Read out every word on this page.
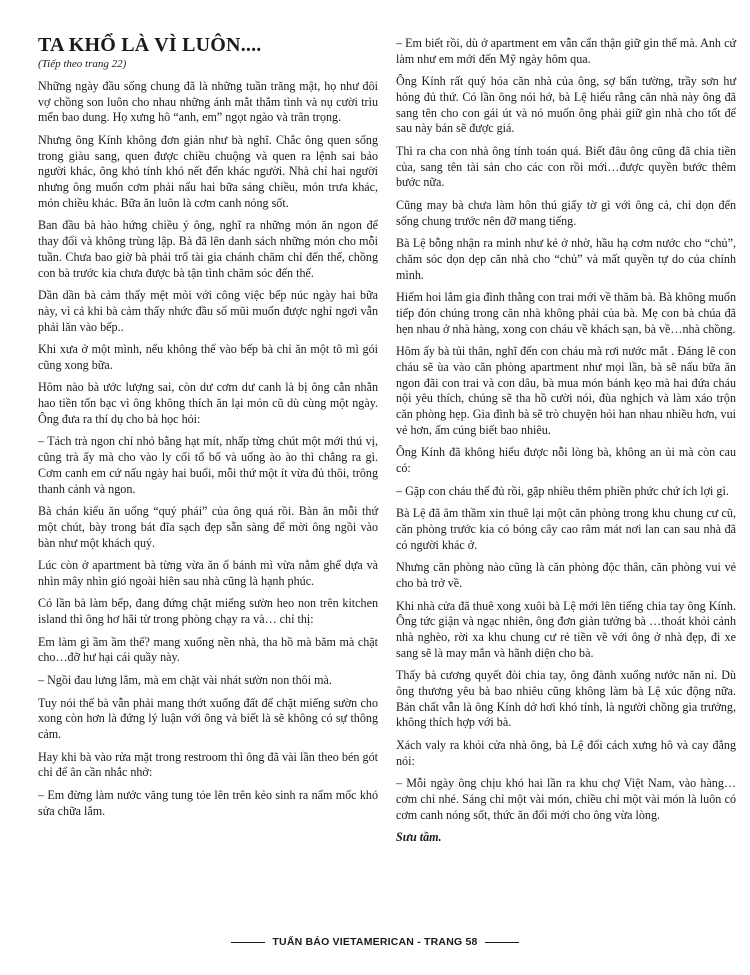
TA KHỔ LÀ VÌ LUÔN....
(Tiếp theo trang 22)

Những ngày đầu sống chung đã là những tuần trăng mật, họ như đôi vợ chồng son luôn cho nhau những ánh mắt thắm tình và nụ cười trìu mến bao dung. Họ xưng hô “anh, em” ngọt ngào và trân trọng.

Nhưng ông Kính không đơn giản như bà nghĩ. Chắc ông quen sống trong giàu sang, quen được chiều chuộng và quen ra lệnh sai bảo người khác, ông khó tính khó nết đến khác người. Nhà chỉ hai người nhưng ông muốn cơm phải nấu hai bữa sáng chiều, món trưa khác, món chiều khác. Bữa ăn luôn là cơm canh nóng sốt.

Ban đầu bà hào hứng chiều ý ông, nghĩ ra những món ăn ngon để thay đổi và không trùng lập. Bà đã lên danh sách những món cho mỗi tuần. Chưa bao giờ bà phải trổ tài gia chánh chăm chỉ đến thế, chồng con bà trước kia chưa được bà tận tình chăm sóc đến thế.

Dần dần bà cảm thấy mệt mỏi với công việc bếp núc ngày hai bữa này, vì cả khi bà cảm thấy nhức đầu sổ mũi muốn được nghỉ ngơi vẫn phải lăn vào bếp..

Khi xưa ở một mình, nếu không thể vào bếp bà chỉ ăn một tô mì gói cũng xong bữa.

Hôm nào bà ước lượng sai, còn dư cơm dư canh là bị ông cằn nhằn hao tiền tốn bạc vì ông không thích ăn lại món cũ dù cùng một ngày. Ông đưa ra thí dụ cho bà học hỏi:

– Tách trà ngon chỉ nhỏ bằng hạt mít, nhấp từng chút một mới thú vị, cũng trà ấy mà cho vào ly cối tổ bố và uống ào ào thì chẳng ra gì. Cơm canh em cứ nấu ngày hai buổi, mỗi thứ một ít vừa đủ thôi, trông thanh cảnh và ngon.

Bà chán kiểu ăn uống “quý phái” của ông quá rồi. Bàn ăn mỗi thứ một chút, bày trong bát đĩa sạch đẹp sẵn sàng để mời ông ngồi vào bàn như một khách quý.

Lúc còn ở apartment bà từng vừa ăn ổ bánh mì vừa nằm ghế dựa và nhìn mây nhìn gió ngoài hiên sau nhà cũng là hạnh phúc.

Có lần bà làm bếp, đang đứng chặt miếng sườn heo non trên kitchen island thì ông hơ hãi từ trong phòng chạy ra và… chỉ thị:

Em làm gì ầm ầm thế? mang xuống nền nhà, tha hồ mà băm mà chặt cho…đỡ hư hại cái quầy này.

– Ngồi đau lưng lắm, mà em chặt vài nhát sườn non thôi mà.

Tuy nói thế bà vẫn phải mang thớt xuống đất để chặt miếng sườn cho xong còn hơn là đứng lý luận với ông và biết là sẽ không có sự thông cảm.

Hay khi bà vào rửa mặt trong restroom thì ông đã vài lần theo bén gót chỉ để ân cần nhắc nhở:

– Em đừng làm nước văng tung tóe lên trên kẻo sinh ra nấm mốc khó sửa chữa lắm.

– Em biết rồi, dù ở apartment em vẫn cẩn thận giữ gìn thế mà. Anh cứ làm như em mới đến Mỹ ngày hôm qua.

Ông Kính rất quý hóa căn nhà của ông, sợ bẩn tường, trầy sơn hư hỏng đủ thứ. Có lần ông nói hớ, bà Lệ hiểu rằng căn nhà này ông đã sang tên cho con gái út và nó muốn ông phải giữ gìn nhà cho tốt để sau này bán sẽ được giá.

Thì ra cha con nhà ông tính toán quá. Biết đâu ông cũng đã chia tiền của, sang tên tài sản cho các con rồi mới…được quyền bước thêm bước nữa.

Cũng may bà chưa làm hôn thú giấy tờ gì với ông cả, chỉ dọn đến sống chung trước nên đỡ mang tiếng.

Bà Lệ bỗng nhận ra mình như kẻ ở nhờ, hầu hạ cơm nước cho “chủ”, chăm sóc dọn dẹp căn nhà cho “chủ” và mất quyền tự do của chính mình.

Hiếm hoi lắm gia đình thằng con trai mới về thăm bà. Bà không muốn tiếp đón chúng trong căn nhà không phải của bà. Mẹ con bà chúa đã hẹn nhau ở nhà hàng, xong con cháu về khách sạn, bà về…nhà chồng.

Hôm ấy bà tủi thân, nghĩ đến con cháu mà rơi nước mắt . Đáng lẽ con cháu sẽ ùa vào căn phòng apartment như mọi lần, bà sẽ nấu bữa ăn ngon đãi con trai và con dâu, bà mua món bánh kẹo mà hai đứa cháu nội yêu thích, chúng sẽ tha hồ cười nói, đùa nghịch và làm xáo trộn căn phòng hẹp. Gia đình bà sẽ trò chuyện hỏi han nhau nhiều hơn, vui vẻ hơn, ấm cúng biết bao nhiêu.

Ông Kính đã không hiểu được nỗi lòng bà, không an ủi mà còn cau có:

– Gặp con cháu thế đủ rồi, gặp nhiều thêm phiền phức chứ ích lợi gì.

Bà Lệ đã âm thầm xin thuê lại một căn phòng trong khu chung cư cũ, căn phòng trước kia có bóng cây cao râm mát nơi lan can sau nhà đã có người khác ở.

Nhưng căn phòng nào cũng là căn phòng độc thân, căn phòng vui vẻ cho bà trở về.

Khi nhà cửa đã thuê xong xuôi bà Lệ mới lên tiếng chia tay ông Kính. Ông tức giận và ngạc nhiên, ông đơn giản tưởng bà …thoát khỏi cảnh nhà nghèo, rời xa khu chung cư rẻ tiền về với ông ở nhà đẹp, đi xe sang sẽ là may mắn và hãnh diện cho bà.

Thấy bà cương quyết đòi chia tay, ông đành xuống nước năn nỉ. Dù ông thương yêu bà bao nhiêu cũng không làm bà Lệ xúc động nữa. Bản chất vẫn là ông Kính dở hơi khó tính, là người chồng gia trưởng, không thích hợp với bà.

Xách valy ra khỏi cửa nhà ông, bà Lệ đổi cách xưng hô và cay đắng nói:

– Mỗi ngày ông chịu khó hai lần ra khu chợ Việt Nam, vào hàng… cơm chỉ nhé. Sáng chỉ một vài món, chiều chỉ một vài món là luôn có cơm canh nóng sốt, thức ăn đổi mới cho ông vừa lòng.

Sưu tầm.

TUẤN BÁO VIETAMERICAN - TRANG 58
